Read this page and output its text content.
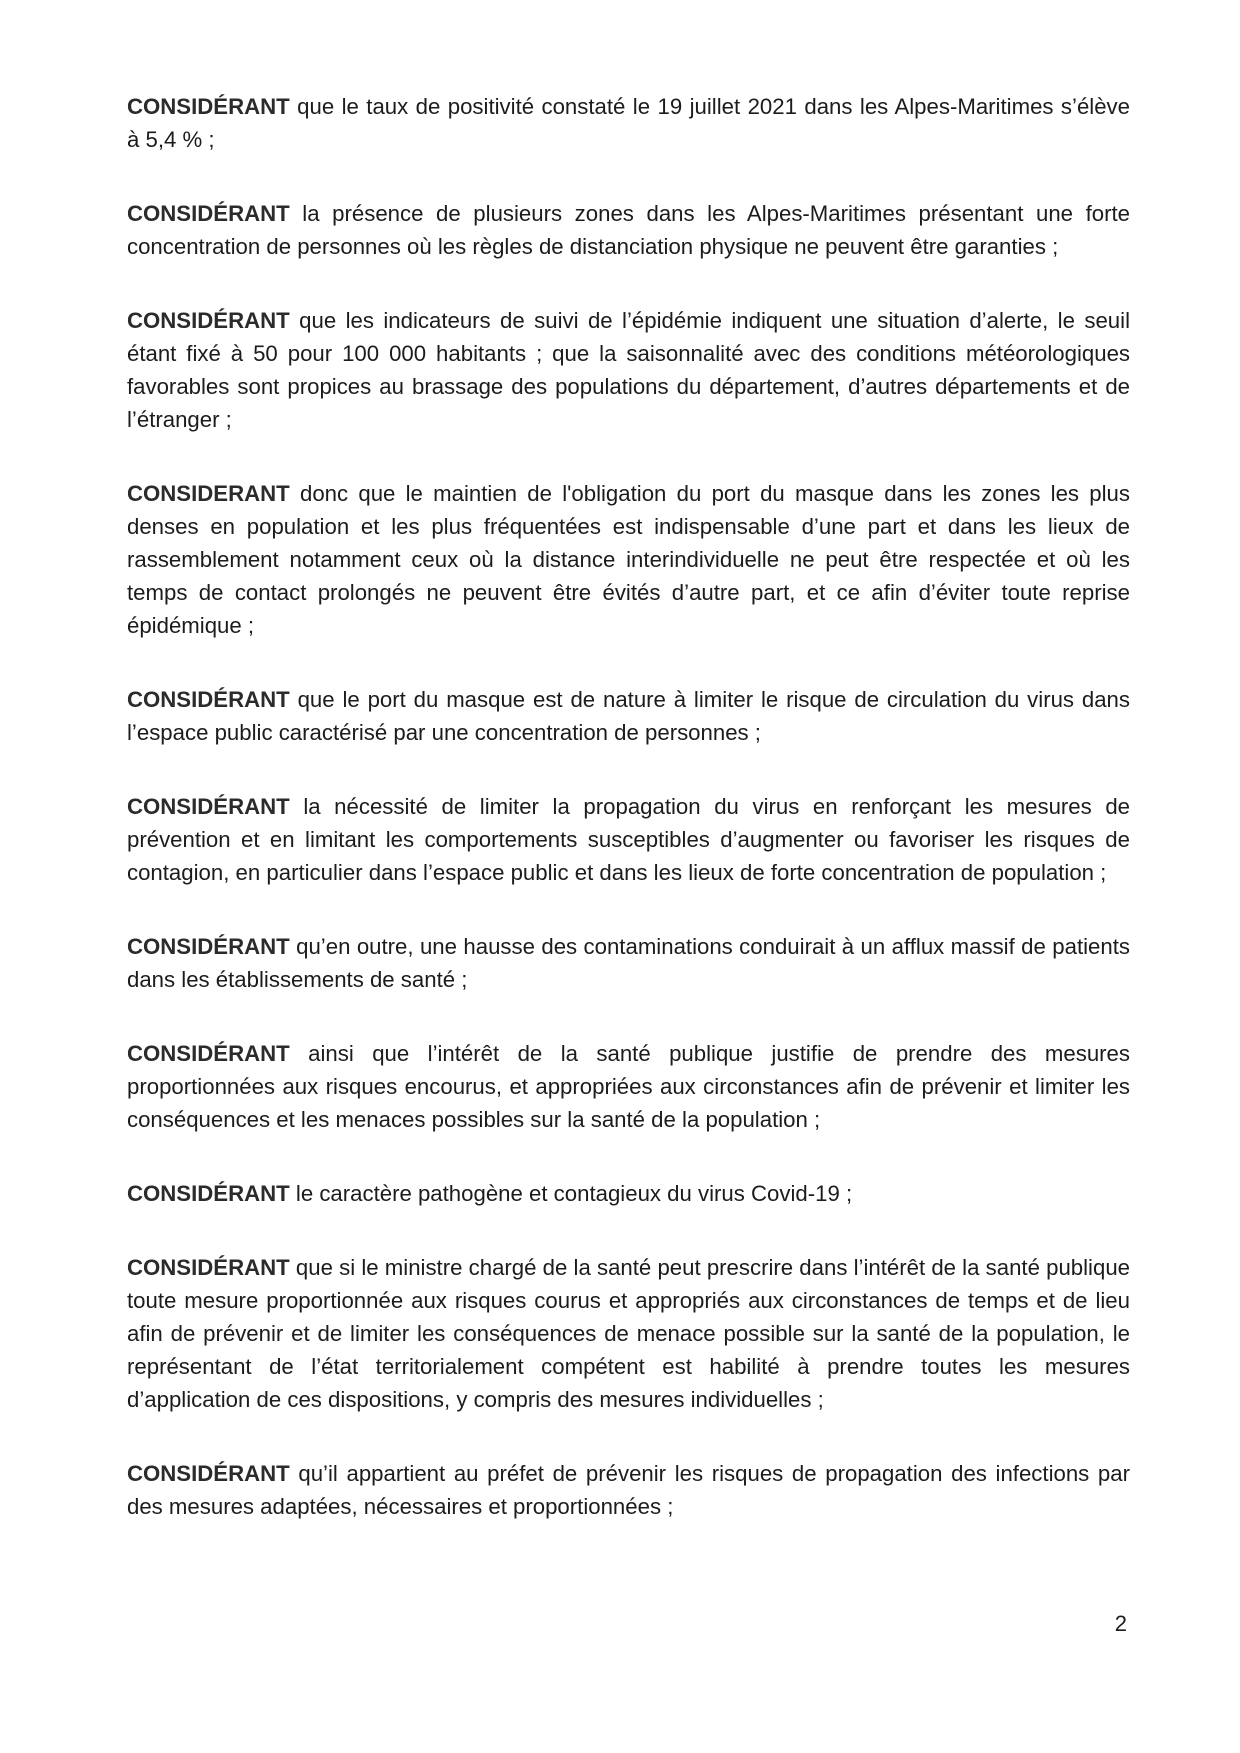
CONSIDÉRANT que le taux de positivité constaté le 19 juillet 2021 dans les Alpes-Maritimes s’élève à 5,4 % ;

CONSIDÉRANT la présence de plusieurs zones dans les Alpes-Maritimes présentant une forte concentration de personnes où les règles de distanciation physique ne peuvent être garanties ;

CONSIDÉRANT que les indicateurs de suivi de l’épidémie indiquent une situation d’alerte, le seuil étant fixé à 50 pour 100 000 habitants ; que la saisonnalité avec des conditions météorologiques favorables sont propices au brassage des populations du département, d’autres départements et de l’étranger ;

CONSIDERANT donc que le maintien de l'obligation du port du masque dans les zones les plus denses en population et les plus fréquentées est indispensable d’une part et dans les lieux de rassemblement notamment ceux où la distance interindividuelle ne peut être respectée et où les temps de contact prolongés ne peuvent être évités d’autre part, et ce afin d’éviter toute reprise épidémique ;

CONSIDÉRANT que le port du masque est de nature à limiter le risque de circulation du virus dans l’espace public caractérisé par une concentration de personnes ;

CONSIDÉRANT la nécessité de limiter la propagation du virus en renforçant les mesures de prévention et en limitant les comportements susceptibles d’augmenter ou favoriser les risques de contagion, en particulier dans l’espace public et dans les lieux de forte concentration de population ;

CONSIDÉRANT qu’en outre, une hausse des contaminations conduirait à un afflux massif de patients dans les établissements de santé ;

CONSIDÉRANT ainsi que l’intérêt de la santé publique justifie de prendre des mesures proportionnées aux risques encourus, et appropriées aux circonstances afin de prévenir et limiter les conséquences et les menaces possibles sur la santé de la population ;

CONSIDÉRANT le caractère pathogène et contagieux du virus Covid-19 ;

CONSIDÉRANT que si le ministre chargé de la santé peut prescrire dans l’intérêt de la santé publique toute mesure proportionnée aux risques courus et appropriés aux circonstances de temps et de lieu afin de prévenir et de limiter les conséquences de menace possible sur la santé de la population, le représentant de l’état territorialement compétent est habilité à prendre toutes les mesures d’application de ces dispositions, y compris des mesures individuelles ;

CONSIDÉRANT qu’il appartient au préfet de prévenir les risques de propagation des infections par des mesures adaptées, nécessaires et proportionnées ;

2
